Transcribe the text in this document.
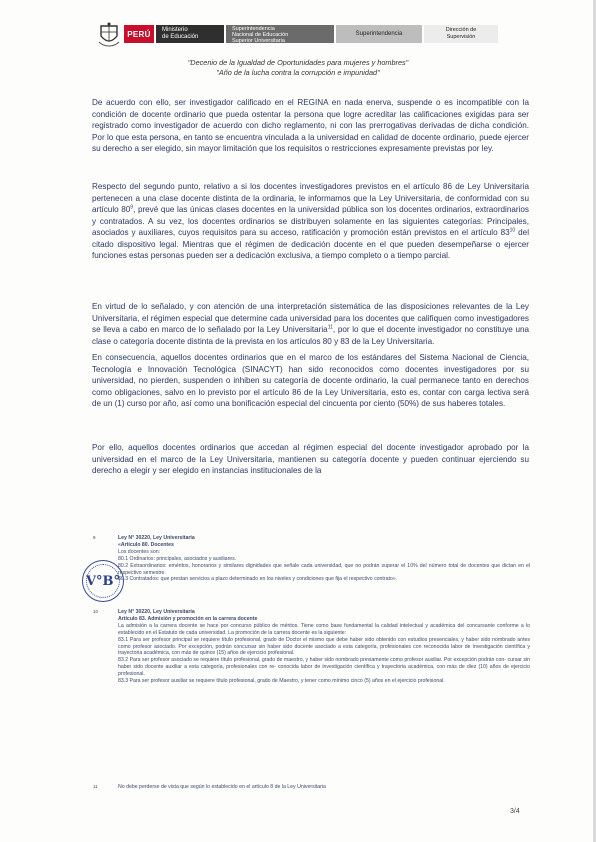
PERÚ	Ministerio
de Educación
Superintendencia
Nacional de Educación
Superior Universitaria
Superintendencia
Dirección de
Supervisión
"Decenio de la Igualdad de Oportunidades para mujeres y hombres"
"Año de la lucha contra la corrupción e impunidad"
De acuerdo con ello, ser investigador calificado en el REGINA en nada enerva, suspende o es incompatible con la condición de docente ordinario que pueda ostentar la persona que logre acreditar las calificaciones exigidas para ser registrado como investigador de acuerdo con dicho reglamento, ni con las prerrogativas derivadas de dicha condición. Por lo que esta persona, en tanto se encuentra vinculada a la universidad en calidad de docente ordinario, puede ejercer su derecho a ser elegido, sin mayor limitación que los requisitos o restricciones expresamente previstas por ley.
Respecto del segundo punto, relativo a si los docentes investigadores previstos en el artículo 86 de Ley Universitaria pertenecen a una clase docente distinta de la ordinaria, le informamos que la Ley Universitaria, de conformidad con su artículo $80^9$, prevé que las únicas clases docentes en la universidad pública son los docentes ordinarios, extraordinarios y contratados. A su vez, los docentes ordinarios se distribuyen solamente en las siguientes categorías: Principales, asociados y auxiliares, cuyos requisitos para su acceso, ratificación y promoción están previstos en el artículo $83^{10}$ del citado dispositivo legal. Mientras que el régimen de dedicación docente en el que pueden desempeñarse o ejercer funciones estas personas pueden ser a dedicación exclusiva, a tiempo completo o a tiempo parcial.
En virtud de lo señalado, y con atención de una interpretación sistemática de las disposiciones relevantes de la Ley Universitaria, el régimen especial que determine cada universidad para los docentes que califiquen como investigadores se lleva a cabo en marco de lo señalado por la Ley Universitaria$^{11}$, por lo que el docente investigador no constituye una clase o categoría docente distinta de la prevista en los artículos 80 y 83 de la Ley Universitaria.
En consecuencia, aquellos docentes ordinarios que en el marco de los estándares del Sistema Nacional de Ciencia, Tecnología e Innovación Tecnológica (SINACYT) han sido reconocidos como docentes investigadores por su universidad, no pierden, suspenden o inhiben su categoría de docente ordinario, la cual permanece tanto en derechos como obligaciones, salvo en lo previsto por el artículo 86 de la Ley Universitaria, esto es, contar con carga lectiva será de un (1) curso por año, así como una bonificación especial del cincuenta por ciento (50%) de sus haberes totales.
Por ello, aquellos docentes ordinarios que accedan al régimen especial del docente investigador aprobado por la universidad en el marco de la Ley Universitaria, mantienen su categoría docente y pueden continuar ejerciendo su derecho a elegir y ser elegido en instancias institucionales de la
9	Ley N° 30220, Ley Universitaria
«Artículo 80. Docentes
Los docentes son:
80.1 Ordinarios: principales, asociados y auxiliares.
80.2 Extraordinarios: eméritos, honorarios y similares dignidades que señale cada universidad, que no podrán superar el 10% del número total de docentes que dictan en el respectivo semestre.
80.3 Contratados: que prestan servicios a plazo determinado en los niveles y condiciones que fija el respectivo contrato».
V°B°
10	Ley N° 30220, Ley Universitaria
Artículo 83. Admisión y promoción en la carrera docente
La admisión a la carrera docente se hace por concurso público de méritos. Tiene como base fundamental la calidad intelectual y académica del concursante conforme a lo establecido en el Estatuto de cada universidad. La promoción de la carrera docente es la siguiente:
83.1 Para ser profesor principal se requiere título profesional, grado de Doctor el mismo que debe haber sido obtenido con estudios presenciales, y haber sido nombrado antes como profesor asociado. Por excepción, podrán concursar sin haber sido docente asociado a esta categoría, profesionales con reconocida labor de investigación científica y trayectoria académica, con más de quince (15) años de ejercicio profesional.
83.2 Para ser profesor asociado se requiere título profesional, grado de maestro, y haber sido nombrado previamente como profesor auxiliar. Por excepción podrán con- cursar sin haber sido docente auxiliar a esta categoría, profesionales con re- conocida labor de investigación científica y trayectoria académica, con más de diez (10) años de ejercicio profesional.
83.3 Para ser profesor auxiliar se requiere título profesional, grado de Maestro, y tener como mínimo cinco (5) años en el ejercicio profesional.
11	No debe perderse de vista que según lo establecido en el artículo 8 de la Ley Universitaria
3/4
